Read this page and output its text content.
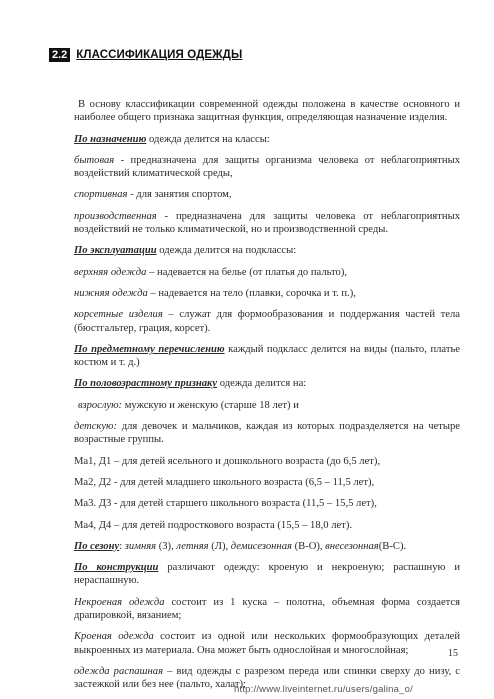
2.2 КЛАССИФИКАЦИЯ ОДЕЖДЫ

В основу классификации современной одежды положена в качестве основного и наиболее общего признака защитная функция, определяющая назначение изделия.

По назначению одежда делится на классы:

бытовая - предназначена для защиты организма человека от неблагоприятных воздействий климатической среды,

спортивная - для занятия спортом,

производственная - предназначена для защиты человека от неблагоприятных воздействий не только климатической, но и производственной среды.

По эксплуатации одежда делится на подклассы:

верхняя одежда – надевается на белье (от платья до пальто),

нижняя одежда – надевается на тело (плавки, сорочка и т. п.),

корсетные изделия – служат для формообразования и поддержания частей тела (бюстгальтер, грация, корсет).

По предметному перечислению каждый подкласс делится на виды (пальто, платье костюм и т. д.)

По половозрастному признаку одежда делится на:

взрослую: мужскую и женскую (старше 18 лет) и

детскую: для девочек и мальчиков, каждая из которых подразделяется на четыре возрастные группы.

Ма1, Д1 – для детей ясельного и дошкольного возраста (до 6,5 лет),

Ма2, Д2 - для детей младшего школьного возраста (6,5 – 11,5 лет),

Ма3. Д3 - для детей старшего школьного возраста (11,5 – 15,5 лет),

Ма4, Д4 – для детей подросткового возраста (15,5 – 18,0 лет).

По сезону: зимняя (З), летняя (Л), демисезонная (В-О), внесезонная(В-С).

По конструкции различают одежду: кроеную и некроеную; распашную и нераспашную.

Некроеная одежда состоит из 1 куска – полотна, объемная форма создается драпировкой, вязанием;

Кроеная одежда состоит из одной или нескольких формообразующих деталей выкроенных из материала. Она может быть однослойная и многослойная;

одежда распашная – вид одежды с разрезом переда или спинки сверху до низу, с застежкой или без нее (пальто, халат);

15
http://www.liveinternet.ru/users/galina_o/
